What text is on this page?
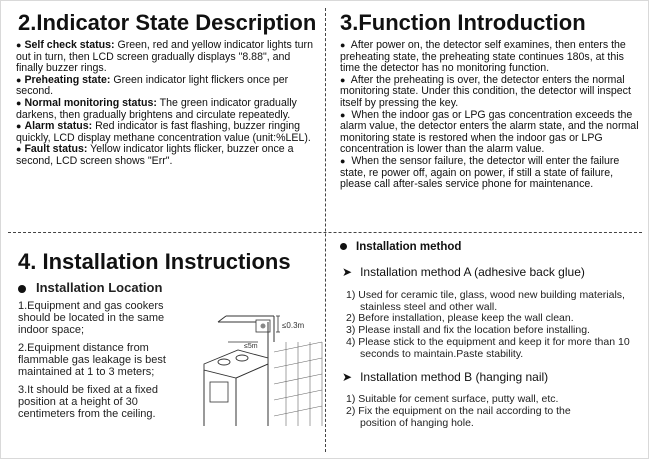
2.Indicator State Description

● Self check status: Green, red and yellow indicator lights turn out in turn, then LCD screen gradually displays "8.88", and finally buzzer rings.

● Preheating state: Green indicator light flickers once per second.

● Normal monitoring status: The green indicator gradually darkens, then gradually brightens and circulate repeatedly.

● Alarm status: Red indicator is fast flashing, buzzer ringing quickly, LCD display methane concentration value (unit:%LEL).

● Fault status: Yellow indicator lights flicker, buzzer once a second, LCD screen shows "Err".

3.Function Introduction

● After power on, the detector self examines, then enters the preheating state, the preheating state continues 180s, at this time the detector has no monitoring function.

● After the preheating is over, the detector enters the normal monitoring state. Under this condition, the detector will inspect itself by pressing the key.

● When the indoor gas or LPG gas concentration exceeds the alarm value, the detector enters the alarm state, and the normal monitoring state is restored when the indoor gas or LPG concentration is lower than the alarm value.

● When the sensor failure, the detector will enter the failure state, re power off, again on power, if still a state of failure, please call after-sales service phone for maintenance.

4. Installation Instructions
Installation Location
1.Equipment and gas cookers should be located in the same indoor space;
2.Equipment distance from flammable gas leakage is best maintained at 1 to 3 meters;
3.It should be fixed at a fixed position at a height of 30 centimeters from the ceiling.
≤0.3m
≤5m
Installation method
➤ Installation method A (adhesive back glue)
1) Used for ceramic tile, glass, wood new building materials,
stainless steel and other wall.
2) Before installation, please keep the wall clean.
3) Please install and fix the location before installing.
4) Please stick to the equipment and keep it for more than 10
seconds to maintain.Paste stability.
➤ Installation method B (hanging nail)
1) Suitable for cement surface, putty wall, etc.
2) Fix the equipment on the nail according to the
position of hanging hole.
